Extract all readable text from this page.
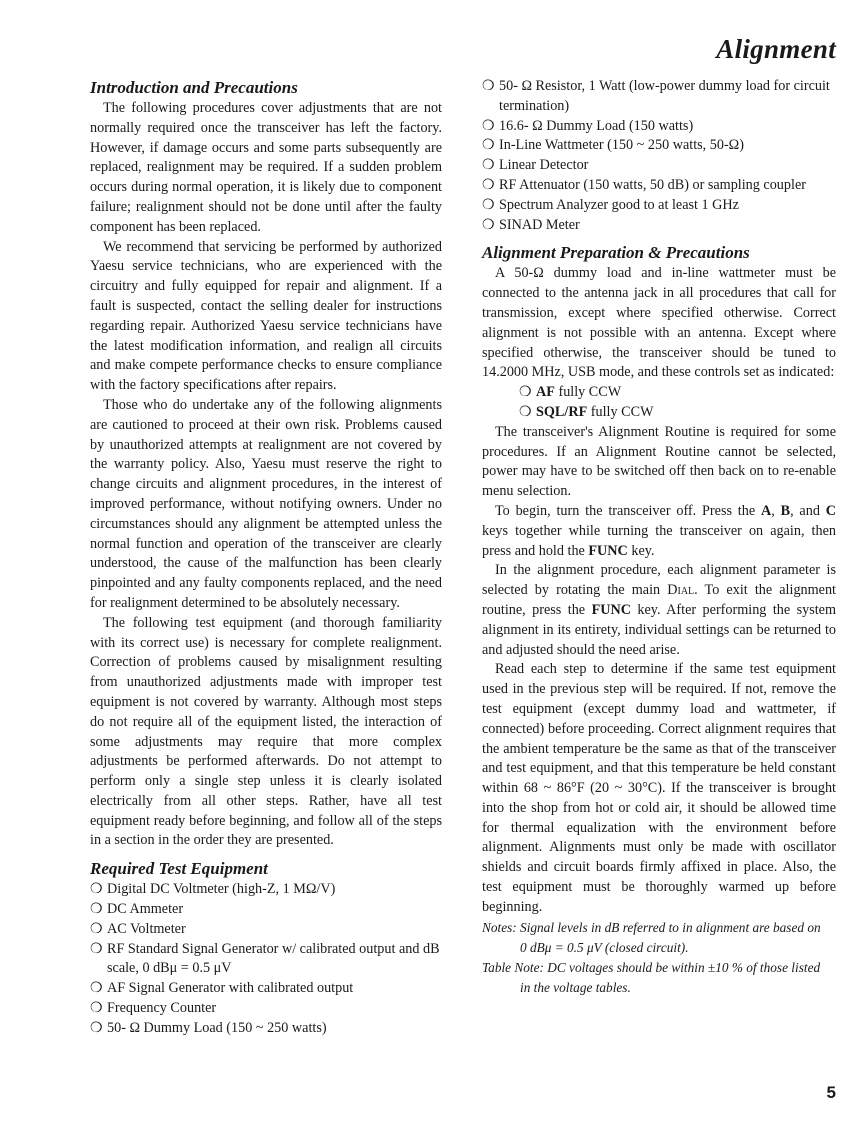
Alignment
Introduction and Precautions

The following procedures cover adjustments that are not normally required once the transceiver has left the factory. However, if damage occurs and some parts subsequently are replaced, realignment may be required. If a sudden problem occurs during normal operation, it is likely due to component failure; realignment should not be done until after the faulty component has been replaced.

We recommend that servicing be performed by authorized Yaesu service technicians, who are experienced with the circuitry and fully equipped for repair and alignment. If a fault is suspected, contact the selling dealer for instructions regarding repair. Authorized Yaesu service technicians have the latest modification information, and realign all circuits and make compete performance checks to ensure compliance with the factory specifications after repairs.

Those who do undertake any of the following alignments are cautioned to proceed at their own risk. Problems caused by unauthorized attempts at realignment are not covered by the warranty policy. Also, Yaesu must reserve the right to change circuits and alignment procedures, in the interest of improved performance, without notifying owners. Under no circumstances should any alignment be attempted unless the normal function and operation of the transceiver are clearly understood, the cause of the malfunction has been clearly pinpointed and any faulty components replaced, and the need for realignment determined to be absolutely necessary.

The following test equipment (and thorough familiarity with its correct use) is necessary for complete realignment. Correction of problems caused by misalignment resulting from unauthorized adjustments made with improper test equipment is not covered by warranty. Although most steps do not require all of the equipment listed, the interaction of some adjustments may require that more complex adjustments be performed afterwards. Do not attempt to perform only a single step unless it is clearly isolated electrically from all other steps. Rather, have all test equipment ready before beginning, and follow all of the steps in a section in the order they are presented.

Required Test Equipment
❍ Digital DC Voltmeter (high-Z, 1 MΩ/V)
❍ DC Ammeter
❍ AC Voltmeter
❍ RF Standard Signal Generator w/ calibrated output and dB scale, 0 dBμ = 0.5 μV
❍ AF Signal Generator with calibrated output
❍ Frequency Counter
❍ 50- Ω Dummy Load (150 ~ 250 watts)
❍ 50- Ω Resistor, 1 Watt (low-power dummy load for circuit termination)
❍ 16.6- Ω Dummy Load (150 watts)
❍ In-Line Wattmeter (150 ~ 250 watts, 50-Ω)
❍ Linear Detector
❍ RF Attenuator (150 watts, 50 dB) or sampling coupler
❍ Spectrum Analyzer good to at least 1 GHz
❍ SINAD Meter
Alignment Preparation & Precautions

A 50-Ω dummy load and in-line wattmeter must be connected to the antenna jack in all procedures that call for transmission, except where specified otherwise. Correct alignment is not possible with an antenna. Except where specified otherwise, the transceiver should be tuned to 14.2000 MHz, USB mode, and these controls set as indicated:

❍ AF fully CCW
❍ SQL/RF fully CCW

The transceiver's Alignment Routine is required for some procedures. If an Alignment Routine cannot be selected, power may have to be switched off then back on to re-enable menu selection.

To begin, turn the transceiver off. Press the A, B, and C keys together while turning the transceiver on again, then press and hold the FUNC key.

In the alignment procedure, each alignment parameter is selected by rotating the main Dial. To exit the alignment routine, press the FUNC key. After performing the system alignment in its entirety, individual settings can be returned to and adjusted should the need arise.

Read each step to determine if the same test equipment used in the previous step will be required. If not, remove the test equipment (except dummy load and wattmeter, if connected) before proceeding. Correct alignment requires that the ambient temperature be the same as that of the transceiver and test equipment, and that this temperature be held constant within 68 ~ 86°F (20 ~ 30°C). If the transceiver is brought into the shop from hot or cold air, it should be allowed time for thermal equalization with the environment before alignment. Alignments must only be made with oscillator shields and circuit boards firmly affixed in place. Also, the test equipment must be thoroughly warmed up before beginning.

Notes: Signal levels in dB referred to in alignment are based on
0 dBμ = 0.5 μV (closed circuit).
Table Note: DC voltages should be within ±10 % of those listed
in the voltage tables.
5
